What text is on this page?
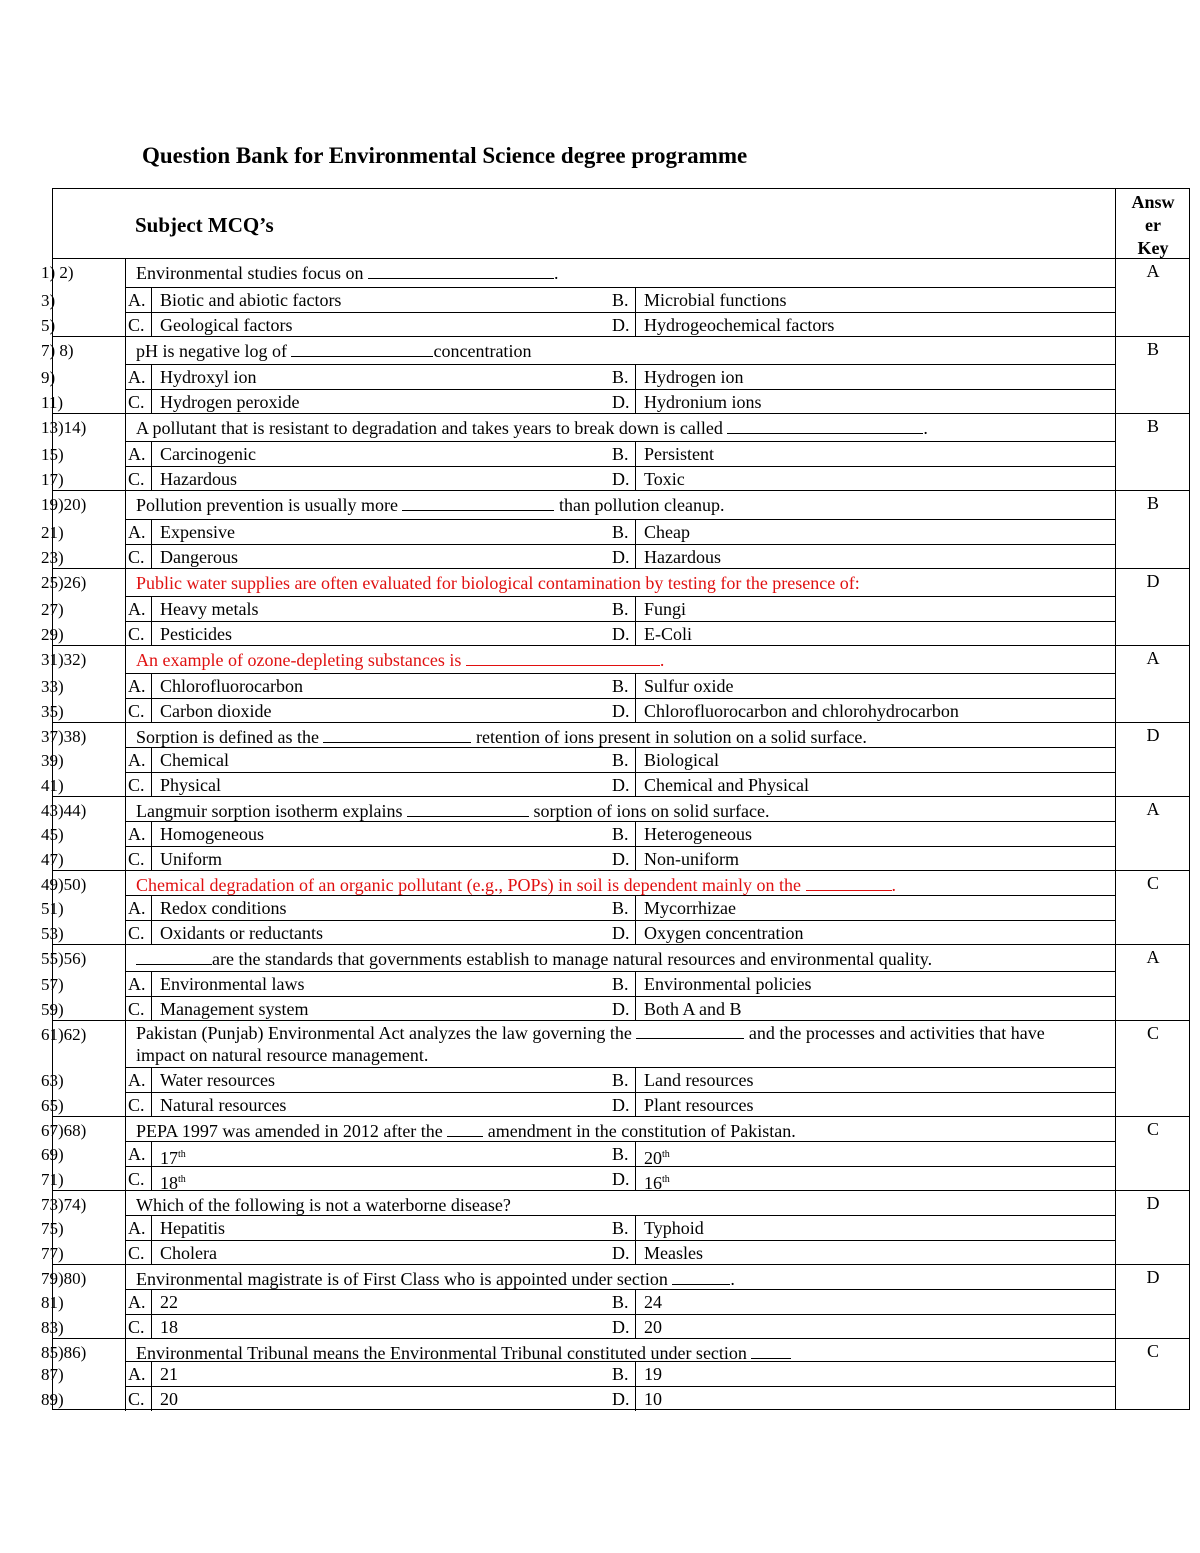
Question Bank for Environmental Science degree programme
Subject MCQ’s
Answ
er
Key
1) 2)
3)
5)
Environmental studies focus on	.
A. Biotic and abiotic factors	B. Microbial functions
C. Geological factors	D. Hydrogeochemical factors
A
7) 8)
9)
11)
pH is negative log of	concentration
A. Hydroxyl ion	B. Hydrogen ion
C. Hydrogen peroxide	D. Hydronium ions
B
13)14)
15)
17)
A pollutant that is resistant to degradation and takes years to break down is called	.
A. Carcinogenic	B. Persistent
C. Hazardous	D. Toxic
B
19)20)
21)
23)
Pollution prevention is usually more	than pollution cleanup.
A. Expensive	B. Cheap
C. Dangerous	D. Hazardous
B
25)26)
27)
29)
Public water supplies are often evaluated for biological contamination by testing for the presence of:
A. Heavy metals	B. Fungi
C. Pesticides	D. E-Coli
D
31)32)
33)
35)
An example of ozone-depleting substances is	.
A. Chlorofluorocarbon	B. Sulfur oxide
C. Carbon dioxide	D. Chlorofluorocarbon and chlorohydrocarbon
A
37)38)
39)
41)
Sorption is defined as the	retention of ions present in solution on a solid surface.
A. Chemical	B. Biological
C. Physical	D. Chemical and Physical
D
43)44)
45)
47)
Langmuir sorption isotherm explains	sorption of ions on solid surface.
A. Homogeneous	B. Heterogeneous
C. Uniform	D. Non-uniform
A
49)50)
51)
53)
Chemical degradation of an organic pollutant (e.g., POPs) in soil is dependent mainly on the	.
A. Redox conditions	B. Mycorrhizae
C. Oxidants or reductants	D. Oxygen concentration
C
55)56)
57)
59)
are the standards that governments establish to manage natural resources and environmental quality.
A. Environmental laws	B. Environmental policies
C. Management system	D. Both A and B
A
61)62)
63)
65)
Pakistan (Punjab) Environmental Act analyzes the law governing the	and the processes and activities that have impact on natural resource management.
A. Water resources	B. Land resources
C. Natural resources	D. Plant resources
C
67)68)
69)
71)
PEPA 1997 was amended in 2012 after the  amendment in the constitution of Pakistan.
A. 17th	B. 20th
C. 18th	D. 16th
C
73)74)
75)
77)
Which of the following is not a waterborne disease?
A. Hepatitis	B. Typhoid
C. Cholera	D. Measles
D
79)80)
81)
83)
Environmental magistrate is of First Class who is appointed under section	.
A. 22	B. 24
C. 18	D. 20
D
85)86)
87)
89)
Environmental Tribunal means the Environmental Tribunal constituted under section
A. 21	B. 19
C. 20	D. 10
C
